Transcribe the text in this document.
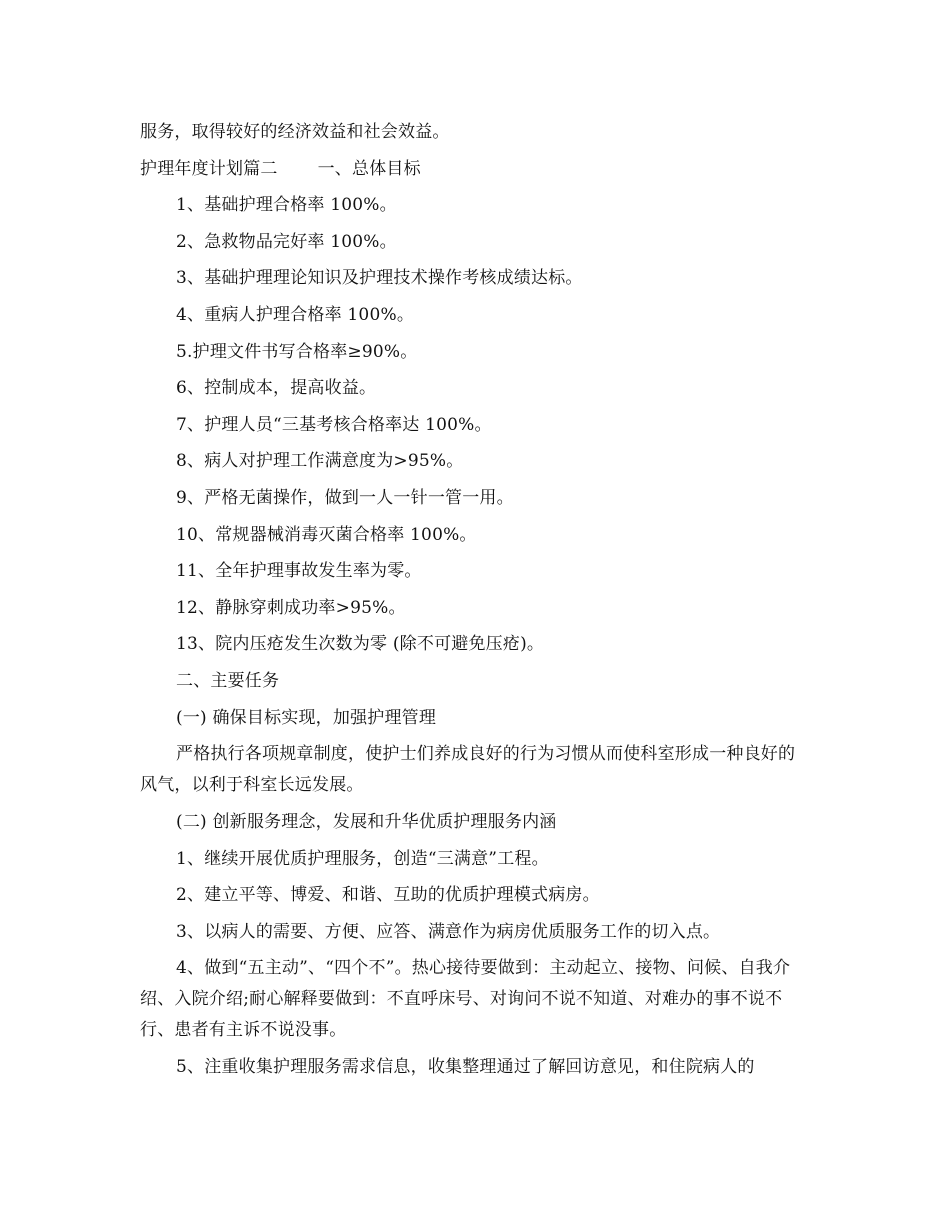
服务，取得较好的经济效益和社会效益。
护理年度计划篇二 一、总体目标
1、基础护理合格率 100%。
2、急救物品完好率 100%。
3、基础护理理论知识及护理技术操作考核成绩达标。
4、重病人护理合格率 100%。
5.护理文件书写合格率≥90%。
6、控制成本，提高收益。
7、护理人员“三基考核合格率达 100%。
8、病人对护理工作满意度为>95%。
9、严格无菌操作，做到一人一针一管一用。
10、常规器械消毒灭菌合格率 100%。
11、全年护理事故发生率为零。
12、静脉穿刺成功率>95%。
13、院内压疮发生次数为零 (除不可避免压疮)。
二、主要任务
(一) 确保目标实现，加强护理管理
严格执行各项规章制度，使护士们养成良好的行为习惯从而使科室形成一种良好的风气，以利于科室长远发展。
(二) 创新服务理念，发展和升华优质护理服务内涵
1、继续开展优质护理服务，创造“三满意”工程。
2、建立平等、博爱、和谐、互助的优质护理模式病房。
3、以病人的需要、方便、应答、满意作为病房优质服务工作的切入点。
4、做到“五主动”、“四个不”。热心接待要做到：主动起立、接物、问候、自我介绍、入院介绍;耐心解释要做到：不直呼床号、对询问不说不知道、对难办的事不说不行、患者有主诉不说没事。
5、注重收集护理服务需求信息，收集整理通过了解回访意见，和住院病人的
